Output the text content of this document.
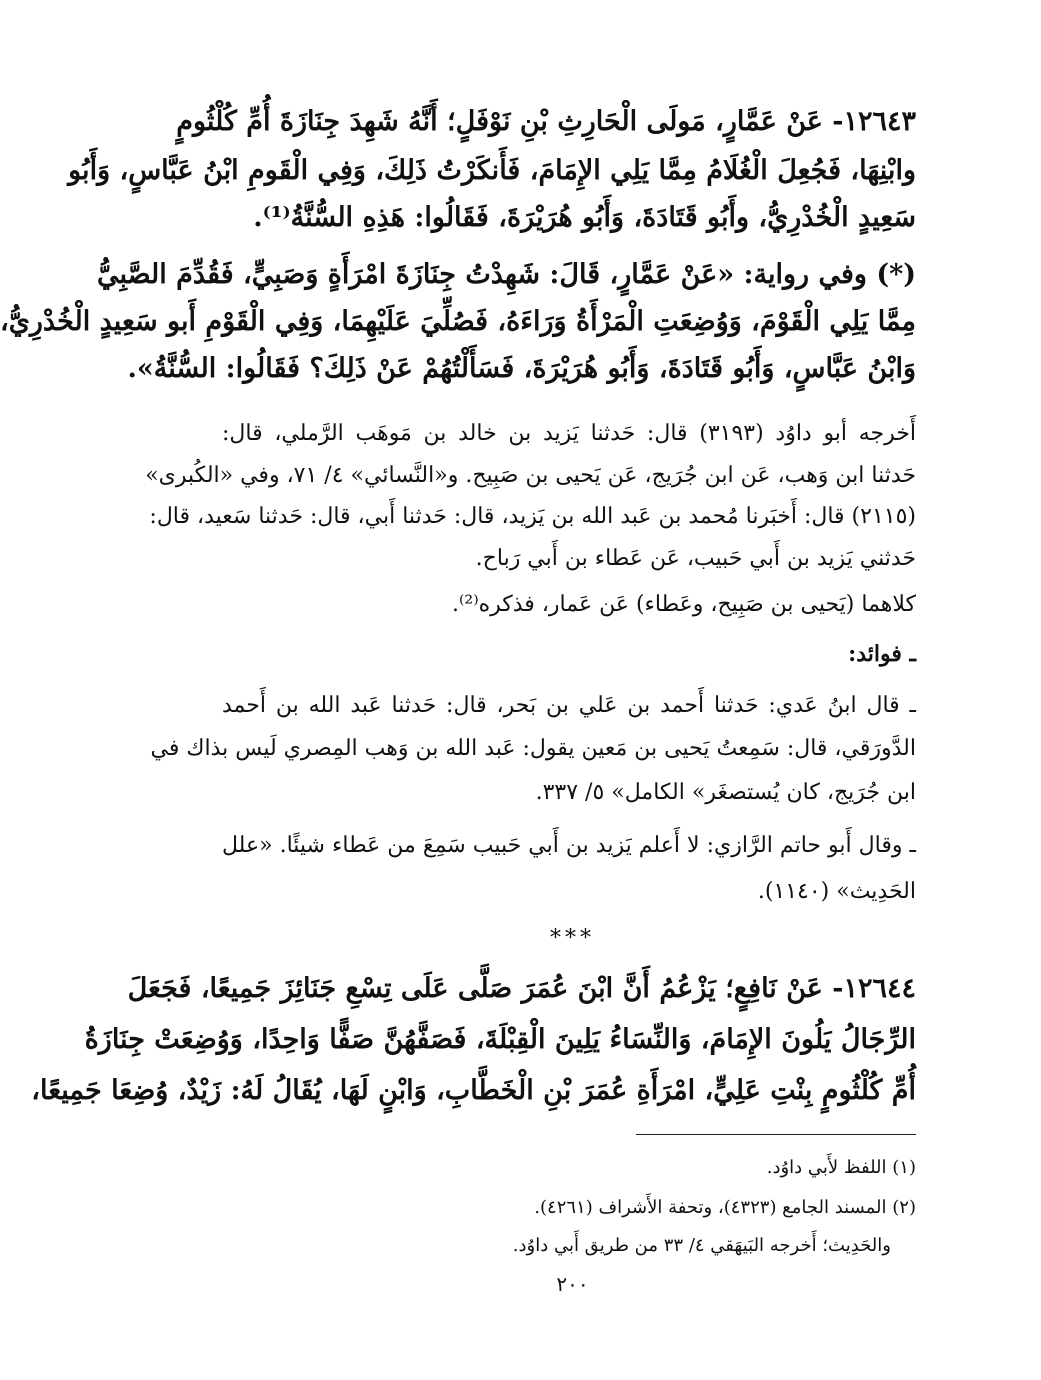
١٢٦٤٣- عَنْ عَمَّارٍ، مَولَى الْحَارِثِ بْنِ نَوْفَلٍ؛ أَنَّهُ شَهِدَ جِنَازَةَ أُمِّ كُلْثُومٍ
وابْنِهَا، فَجُعِلَ الْغُلَامُ مِمَّا يَلِي الإِمَامَ، فَأَنكَرْتُ ذَلِكَ، وَفِي الْقَومِ ابْنُ عَبَّاسٍ، وَأَبُو
سَعِيدٍ الْخُدْرِيُّ، وأَبُو قَتَادَةَ، وَأَبُو هُرَيْرَةَ، فَقَالُوا: هَذِهِ السُّنَّةُ⁽¹⁾.
(*) وفي رواية: «عَنْ عَمَّارٍ، قَالَ: شَهِدْتُ جِنَازَةَ امْرَأَةٍ وَصَبِيٍّ، فَقُدِّمَ الصَّبِيُّ
مِمَّا يَلِي الْقَوْمَ، وَوُضِعَتِ الْمَرْأَةُ وَرَاءَهُ، فَصُلِّيَ عَلَيْهِمَا، وَفِي الْقَوْمِ أَبو سَعِيدٍ الْخُدْرِيُّ،
وَابْنُ عَبَّاسٍ، وَأَبُو قَتَادَةَ، وَأَبُو هُرَيْرَةَ، فَسَأَلْتُهُمْ عَنْ ذَلِكَ؟ فَقَالُوا: السُّنَّةُ».
أَخرجه أبو داوُد (٣١٩٣) قال: حَدثنا يَزيد بن خالد بن مَوهَب الرَّملي، قال:
حَدثنا ابن وَهب، عَن ابن جُرَيج، عَن يَحيى بن صَبِيح. و«النَّسائي» ٤/ ٧١، وفي «الكُبرى»
(٢١١٥) قال: أَخبَرنا مُحمد بن عَبد الله بن يَزيد، قال: حَدثنا أَبي، قال: حَدثنا سَعيد، قال:
حَدثني يَزيد بن أَبي حَبيب، عَن عَطاء بن أَبي رَباح.
كلاهما (يَحيى بن صَبِيح، وعَطاء) عَن عَمار، فذكره⁽²⁾.
ـ فوائد:
ـ قال ابنُ عَدي: حَدثنا أَحمد بن عَلي بن بَحر، قال: حَدثنا عَبد الله بن أَحمد
الدَّورَقي، قال: سَمِعتُ يَحيى بن مَعين يقول: عَبد الله بن وَهب المِصري لَيس بذاك في
ابن جُرَيج، كان يُستصغَر» الكامل» ٥/ ٣٣٧.
ـ وقال أَبو حاتم الرَّازي: لا أَعلم يَزيد بن أَبي حَبيب سَمِعَ من عَطاء شيئًا. «علل
الحَدِيث» (١١٤٠).
***
١٢٦٤٤- عَنْ نَافِعٍ؛ يَزْعُمُ أَنَّ ابْنَ عُمَرَ صَلَّى عَلَى تِسْعِ جَنَائِزَ جَمِيعًا، فَجَعَلَ
الرِّجَالُ يَلُونَ الإِمَامَ، وَالنِّسَاءُ يَلِينَ الْقِبْلَةَ، فَصَفَّهُنَّ صَفًّا وَاحِدًا، وَوُضِعَتْ جِنَازَةُ
أُمِّ كُلْثُومٍ بِنْتِ عَلِيٍّ، امْرَأَةِ عُمَرَ بْنِ الْخَطَّابِ، وَابْنٍ لَهَا، يُقَالُ لَهُ: زَيْدٌ، وُضِعَا جَمِيعًا،
(١) اللفظ لأَبي داوُد.
(٢) المسند الجامع (٤٣٢٣)، وتحفة الأَشراف (٤٢٦١).
والحَدِيث؛ أَخرجه البَيهَقي ٤/ ٣٣ من طريق أَبي داوُد.
٢٠٠
